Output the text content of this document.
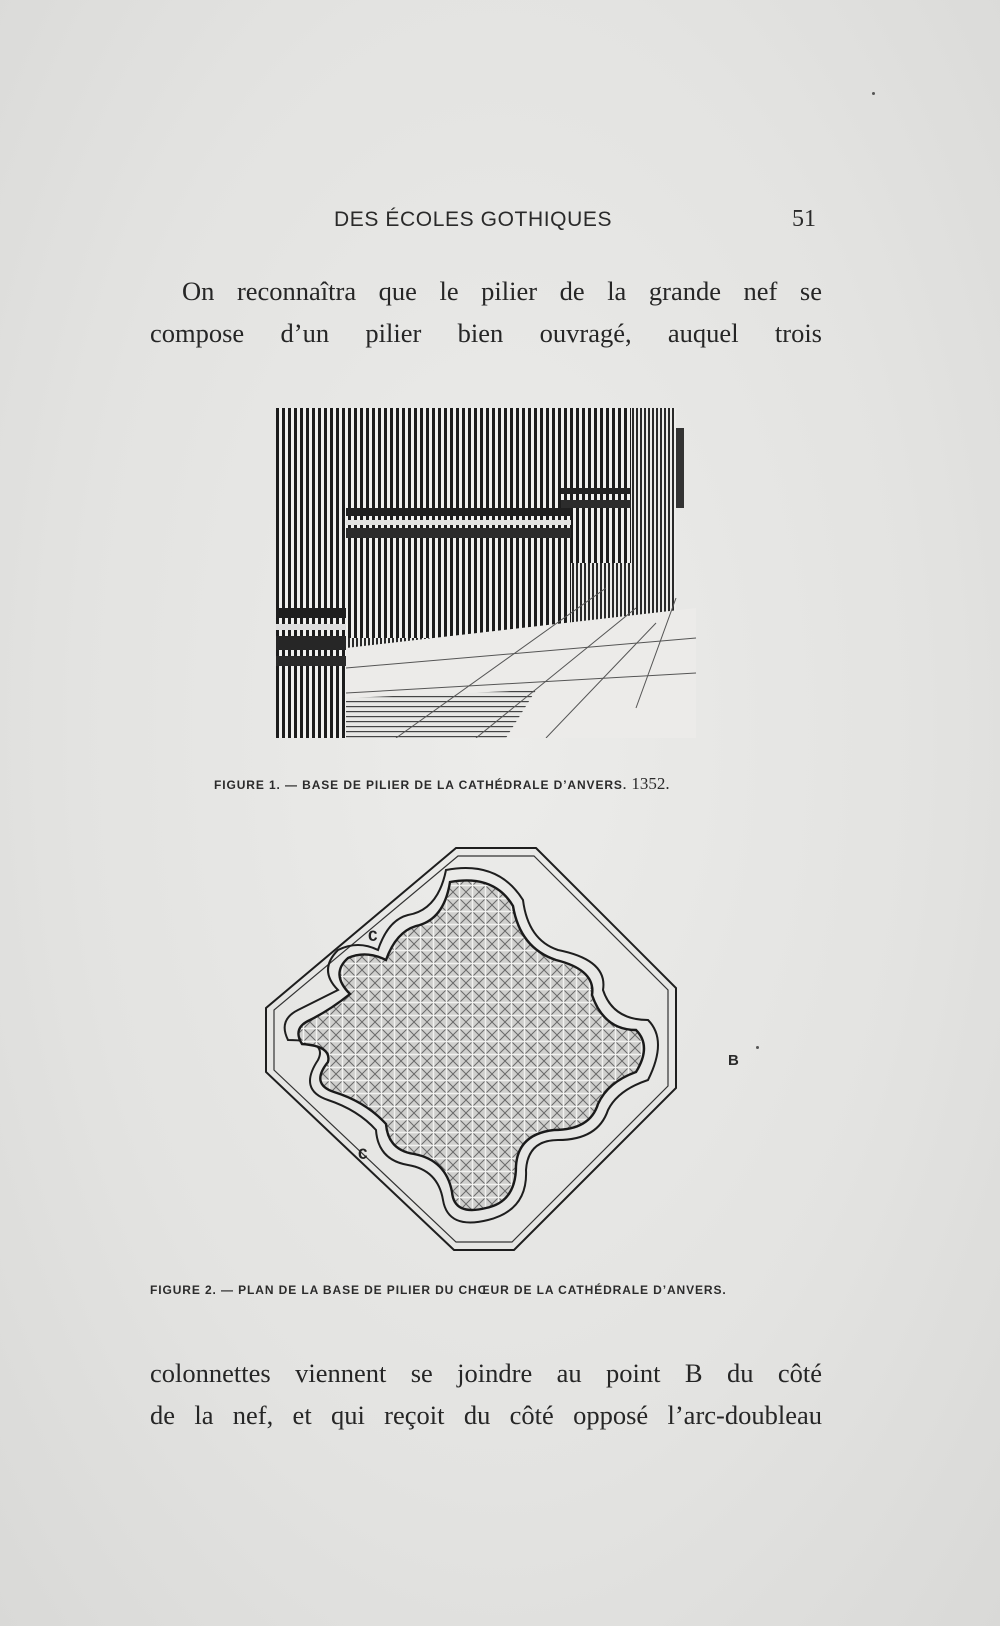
DES ÉCOLES GOTHIQUES	51
On reconnaîtra que le pilier de la grande nef se
compose d’un pilier bien ouvragé, auquel trois
FIGURE 1. — BASE DE PILIER DE LA CATHÉDRALE D’ANVERS. 1352.
C
C
B
FIGURE 2. — PLAN DE LA BASE DE PILIER DU CHŒUR DE LA CATHÉDRALE D’ANVERS.
colonnettes viennent se joindre au point B du côté
de la nef, et qui reçoit du côté opposé l’arc-doubleau
